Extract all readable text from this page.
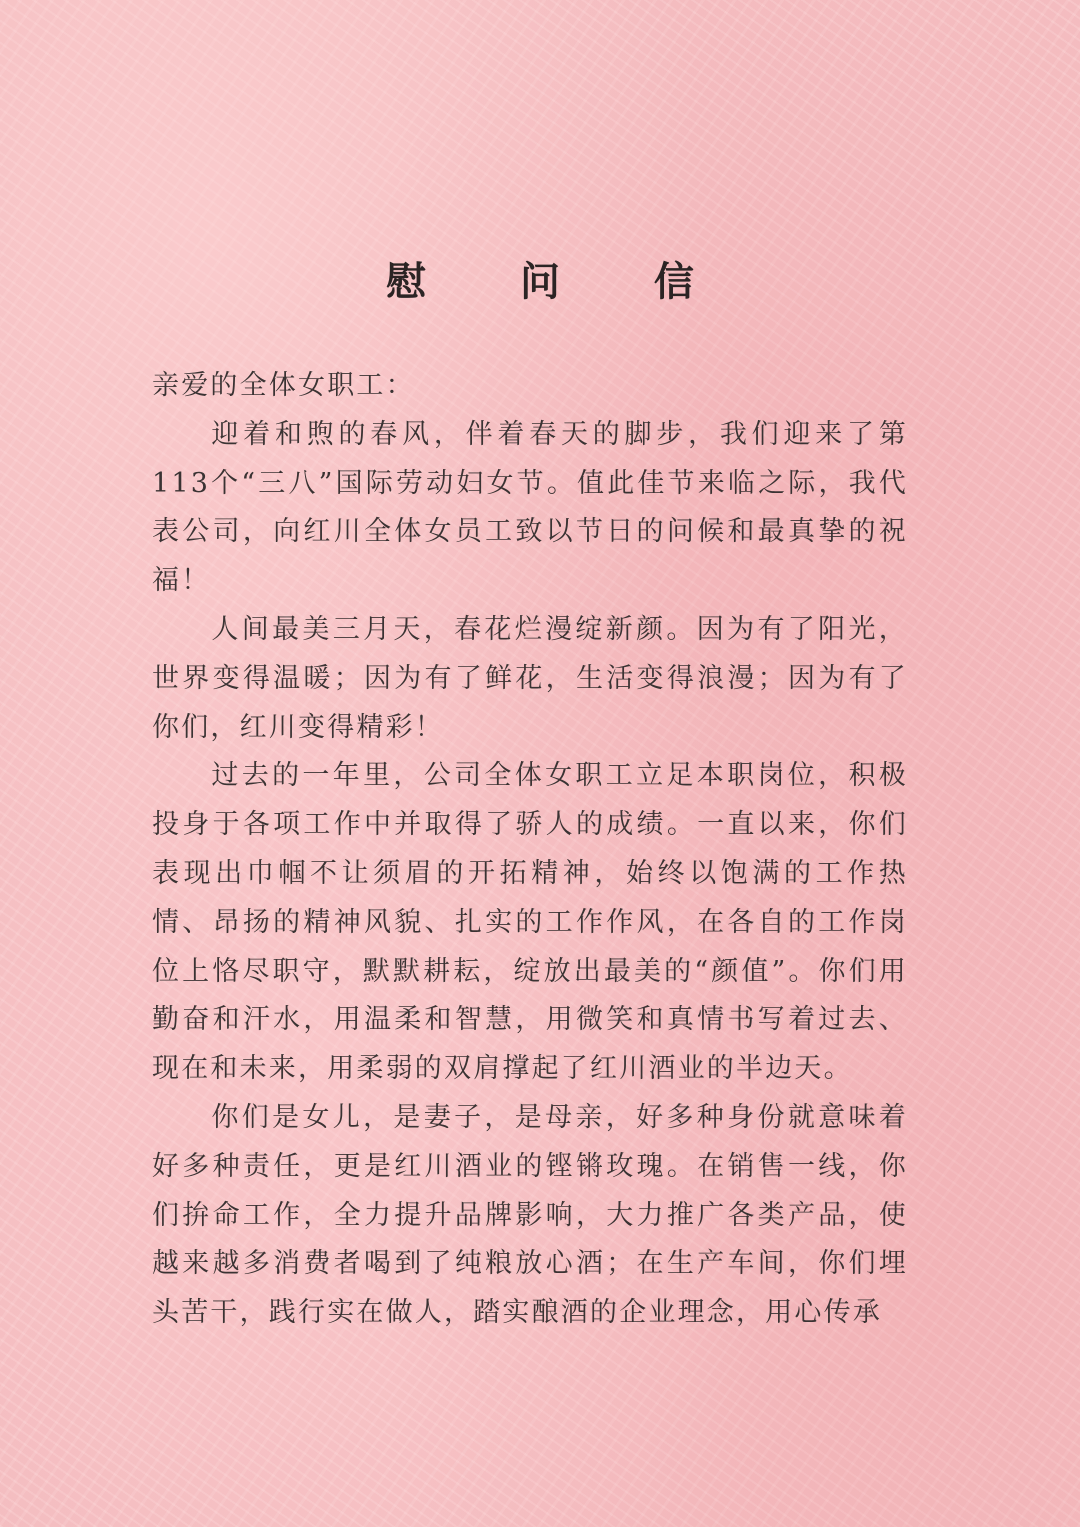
慰 问 信

亲爱的全体女职工：

迎着和煦的春风，伴着春天的脚步，我们迎来了第113个“三八”国际劳动妇女节。值此佳节来临之际，我代表公司，向红川全体女员工致以节日的问候和最真挚的祝福！

人间最美三月天，春花烂漫绽新颜。因为有了阳光，世界变得温暖；因为有了鲜花，生活变得浪漫；因为有了你们，红川变得精彩！

过去的一年里，公司全体女职工立足本职岗位，积极投身于各项工作中并取得了骄人的成绩。一直以来，你们表现出巾帼不让须眉的开拓精神，始终以饱满的工作热情、昂扬的精神风貌、扎实的工作作风，在各自的工作岗位上恪尽职守，默默耕耘，绽放出最美的“颜值”。你们用勤奋和汗水，用温柔和智慧，用微笑和真情书写着过去、现在和未来，用柔弱的双肩撑起了红川酒业的半边天。

你们是女儿，是妻子，是母亲，好多种身份就意味着好多种责任，更是红川酒业的铿锵玫瑰。在销售一线，你们拚命工作，全力提升品牌影响，大力推广各类产品，使越来越多消费者喝到了纯粮放心酒；在生产车间，你们埋头苦干，践行实在做人，踏实酿酒的企业理念，用心传承
